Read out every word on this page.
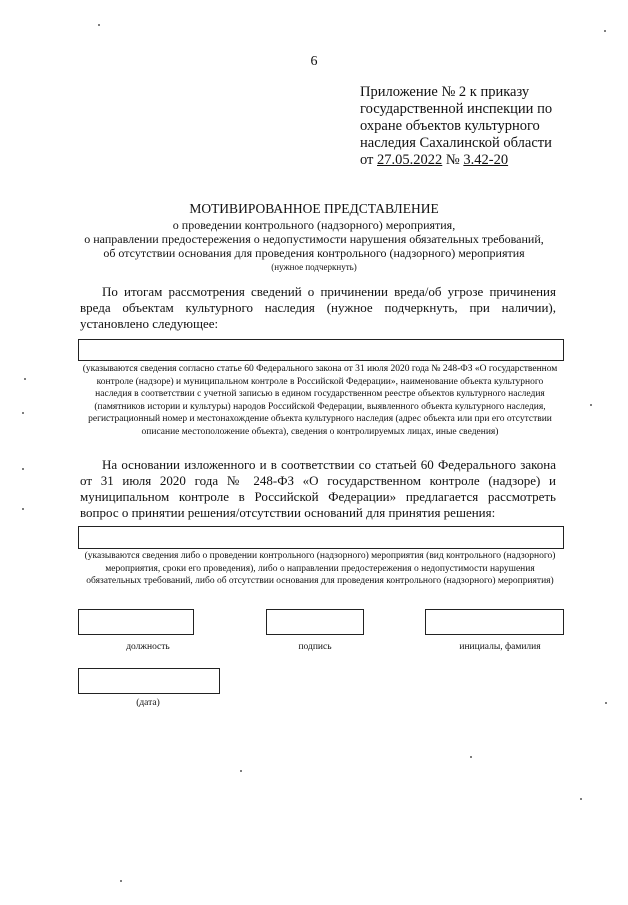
6
Приложение № 2 к приказу
государственной инспекции по
охране объектов культурного
наследия Сахалинской области
от 27.05.2022 № 3.42-20
МОТИВИРОВАННОЕ ПРЕДСТАВЛЕНИЕ
о проведении контрольного (надзорного) мероприятия,
о направлении предостережения о недопустимости нарушения обязательных требований,
об отсутствии основания для проведения контрольного (надзорного) мероприятия
(нужное подчеркнуть)
По итогам рассмотрения сведений о причинении вреда/об угрозе причинения вреда объектам культурного наследия (нужное подчеркнуть, при наличии), установлено следующее:
(указываются сведения согласно статье 60 Федерального закона от 31 июля 2020 года № 248-ФЗ «О государственном контроле (надзоре) и муниципальном контроле в Российской Федерации», наименование объекта культурного наследия в соответствии с учетной записью в едином государственном реестре объектов культурного наследия (памятников истории и культуры) народов Российской Федерации, выявленного объекта культурного наследия, регистрационный номер и местонахождение объекта культурного наследия (адрес объекта или при его отсутствии описание местоположение объекта), сведения о контролируемых лицах, иные сведения)
На основании изложенного и в соответствии со статьей 60 Федерального закона от 31 июля 2020 года № 248-ФЗ «О государственном контроле (надзоре) и муниципальном контроле в Российской Федерации» предлагается рассмотреть вопрос о принятии решения/отсутствии оснований для принятия решения:
(указываются сведения либо о проведении контрольного (надзорного) мероприятия (вид контрольного (надзорного) мероприятия, сроки его проведения), либо о направлении предостережения о недопустимости нарушения обязательных требований, либо об отсутствии основания для проведения контрольного (надзорного) мероприятия)
должность	подпись	инициалы, фамилия
(дата)
